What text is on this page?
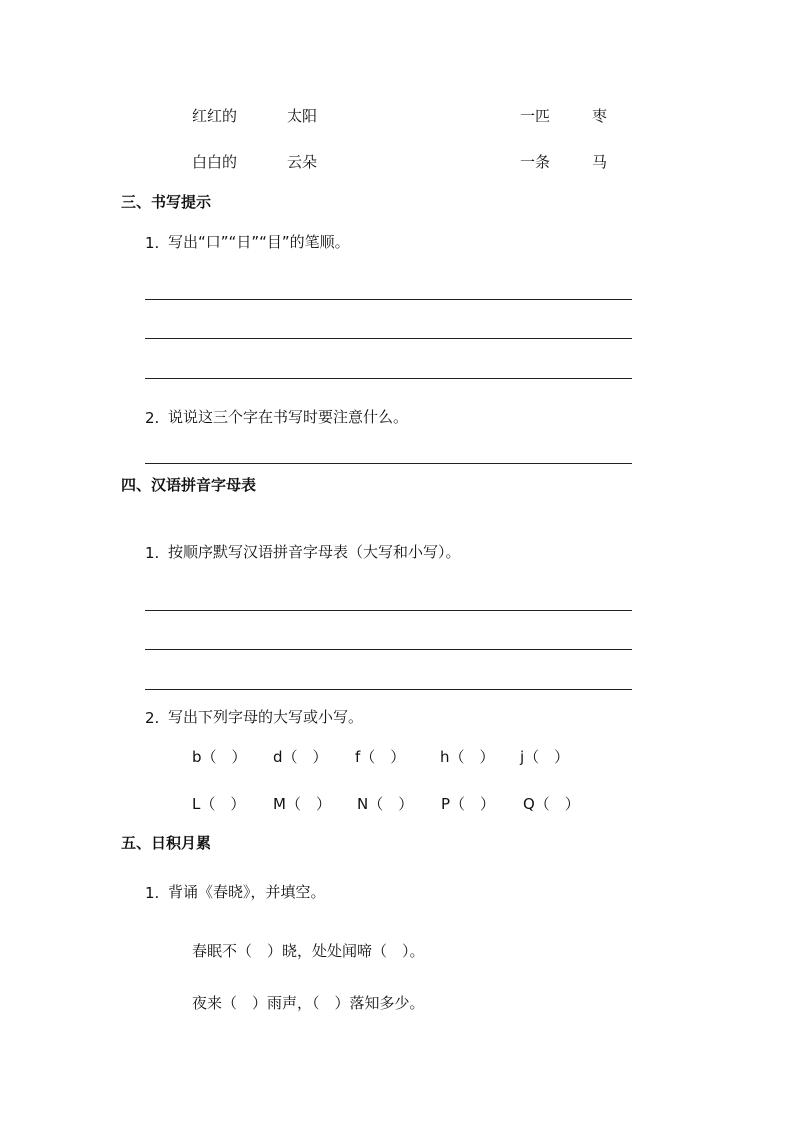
红红的	太阳	一匹	枣
白白的	云朵	一条	马
三、书写提示
1. 写出“口”“日”“目”的笔顺。
2. 说说这三个字在书写时要注意什么。
四、汉语拼音字母表
1. 按顺序默写汉语拼音字母表（大写和小写）。
2. 写出下列字母的大写或小写。
b（　） d（　） f（　） h（　） j（　）
L（　） M（　） N（　） P（　） Q（　）
五、日积月累
1. 背诵《春晓》，并填空。
春眠不（　）晓，处处闻啼（　）。
夜来（　）雨声，（　）落知多少。
